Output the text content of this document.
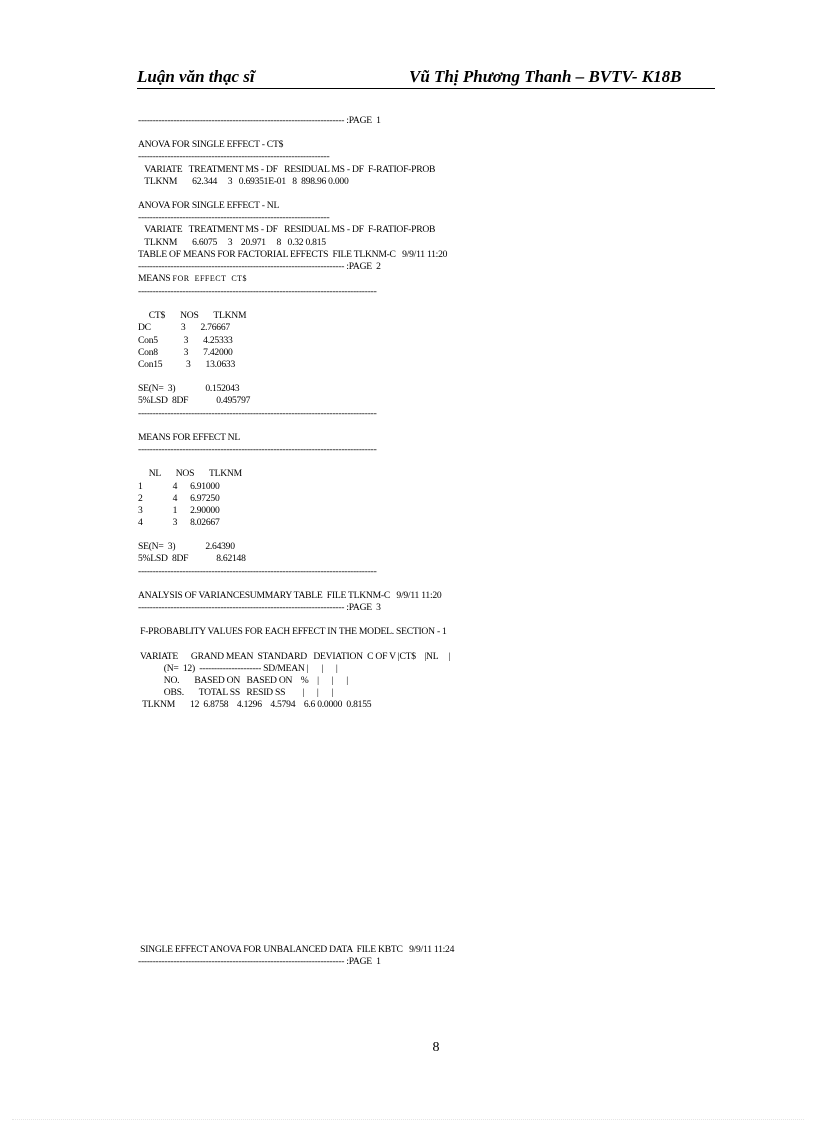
Luận văn thạc sĩ	Vũ Thị Phương Thanh – BVTV- K18B
---------------------------------------------------------------------- :PAGE  1

ANOVA FOR SINGLE EFFECT - CT$
-----------------------------------------------------------------
VARIATE   TREATMENT MS - DF   RESIDUAL MS - DF  F-RATIOF-PROB
TLKNM       62.344     3   0.69351E-01   8  898.96 0.000

ANOVA FOR SINGLE EFFECT - NL
-----------------------------------------------------------------
VARIATE   TREATMENT MS - DF   RESIDUAL MS - DF  F-RATIOF-PROB
TLKNM       6.6075     3    20.971     8   0.32 0.815
TABLE OF MEANS FOR FACTORIAL EFFECTS  FILE TLKNM-C   9/9/11 11:20
---------------------------------------------------------------------- :PAGE  2
MEANS FOR  EFFECT  CT$
---------------------------------------------------------------------------------

CT$       NOS       TLKNM
DC              3       2.76667
Con5            3       4.25333
Con8            3       7.42000
Con15           3       13.0633

SE(N=  3)              0.152043
5%LSD  8DF             0.495797
---------------------------------------------------------------------------------

MEANS FOR EFFECT NL
---------------------------------------------------------------------------------

NL       NOS       TLKNM
1              4      6.91000
2              4      6.97250
3              1      2.90000
4              3      8.02667

SE(N=  3)              2.64390
5%LSD  8DF             8.62148
---------------------------------------------------------------------------------

ANALYSIS OF VARIANCESUMMARY TABLE  FILE TLKNM-C   9/9/11 11:20
---------------------------------------------------------------------- :PAGE  3

F-PROBABLITY VALUES FOR EACH EFFECT IN THE MODEL. SECTION - 1

VARIATE      GRAND MEAN  STANDARD   DEVIATION  C OF V |CT$    |NL     |
(N=  12)  --------------------- SD/MEAN |      |      |
NO.       BASED ON   BASED ON    %    |      |      |
OBS.       TOTAL SS   RESID SS        |      |      |
TLKNM       12  6.8758    4.1296    4.5794    6.6 0.0000  0.8155
SINGLE EFFECT ANOVA FOR UNBALANCED DATA  FILE KBTC   9/9/11 11:24
---------------------------------------------------------------------- :PAGE  1
8
